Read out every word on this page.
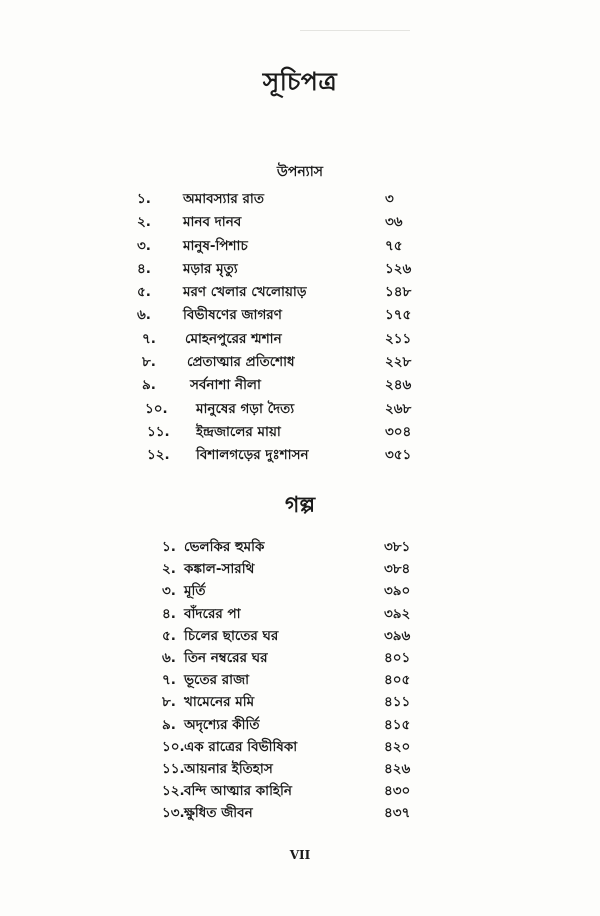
সূচিপত্র
উপন্যাস
১. অমাবস্যার রাত	৩
২. মানব দানব	৩৬
৩. মানুষ-পিশাচ	৭৫
৪. মড়ার মৃত্যু	১২৬
৫. মরণ খেলার খেলোয়াড়	১৪৮
৬. বিভীষণের জাগরণ	১৭৫
৭. মোহনপুরের শ্মশান	২১১
৮. প্রেতাত্মার প্রতিশোধ	২২৮
৯.	সর্বনাশা নীলা	২৪৬
১০. মানুষের গড়া দৈত্য	২৬৮
১১. ইন্দ্রজালের মায়া	৩০৪
১২. বিশালগড়ের দুঃশাসন	৩৫১
গল্প
১. ভেলকির হুমকি	৩৮১
২. কঙ্কাল-সারথি	৩৮৪
৩. মূর্তি	৩৯০
৪. বাঁদরের পা	৩৯২
৫. চিলের ছাতের ঘর	৩৯৬
৬. তিন নম্বরের ঘর	৪০১
৭. ভূতের রাজা	৪০৫
৮. খামেনের মমি	৪১১
৯. অদৃশ্যের কীর্তি	৪১৫
১০. এক রাত্রের বিভীষিকা	৪২০
১১. আয়নার ইতিহাস	৪২৬
১২. বন্দি আত্মার কাহিনি	৪৩০
১৩. ক্ষুধিত জীবন	৪৩৭
VII
